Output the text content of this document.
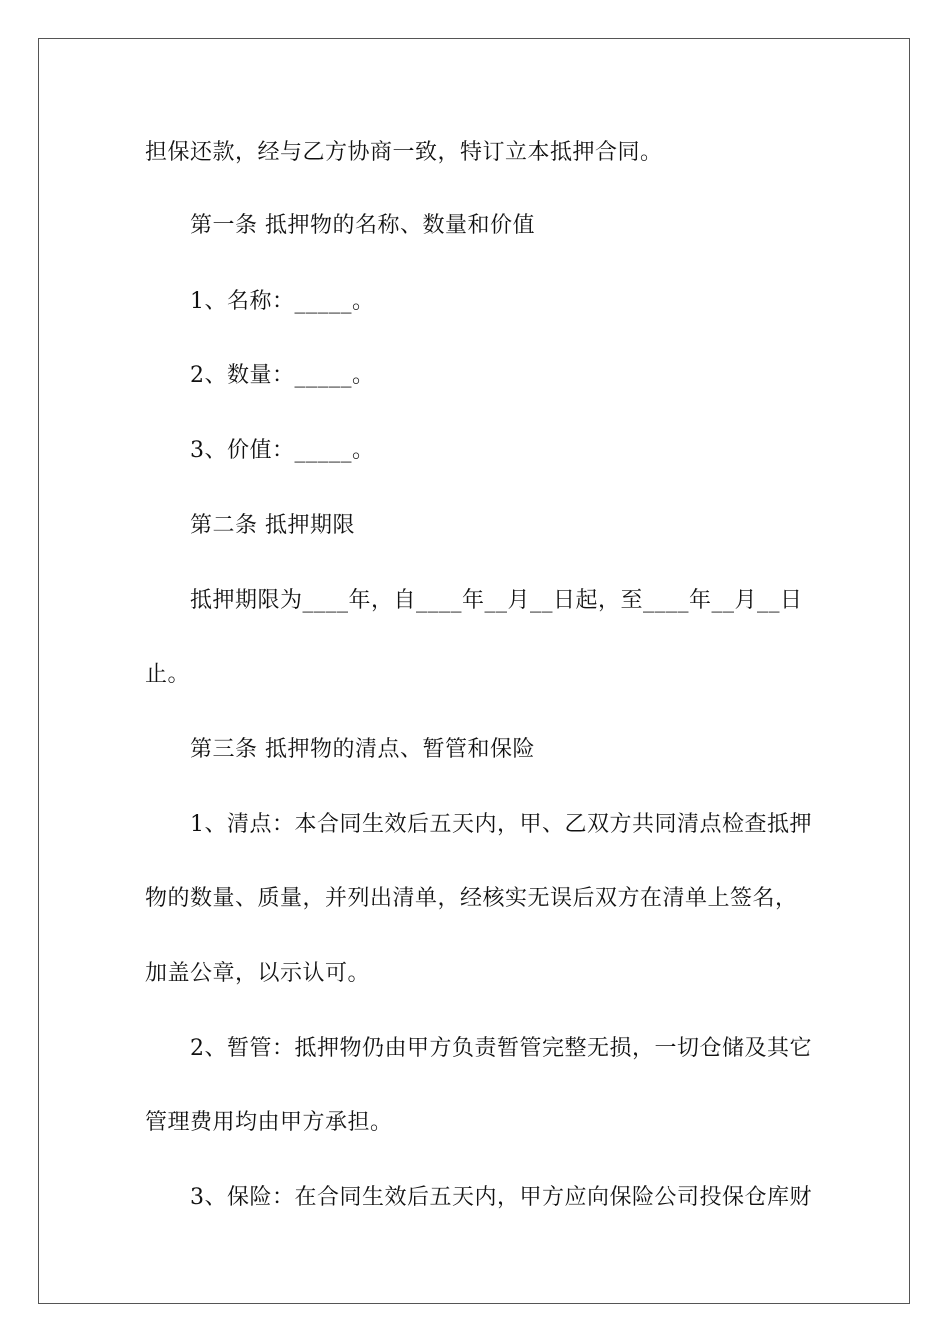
担保还款，经与乙方协商一致，特订立本抵押合同。
第一条 抵押物的名称、数量和价值
1、名称：_____。
2、数量：_____。
3、价值：_____。
第二条 抵押期限
抵押期限为____年，自____年__月__日起，至____年__月__日
止。
第三条 抵押物的清点、暂管和保险
1、清点：本合同生效后五天内，甲、乙双方共同清点检查抵押
物的数量、质量，并列出清单，经核实无误后双方在清单上签名，
加盖公章，以示认可。
2、暂管：抵押物仍由甲方负责暂管完整无损，一切仓储及其它
管理费用均由甲方承担。
3、保险：在合同生效后五天内，甲方应向保险公司投保仓库财
